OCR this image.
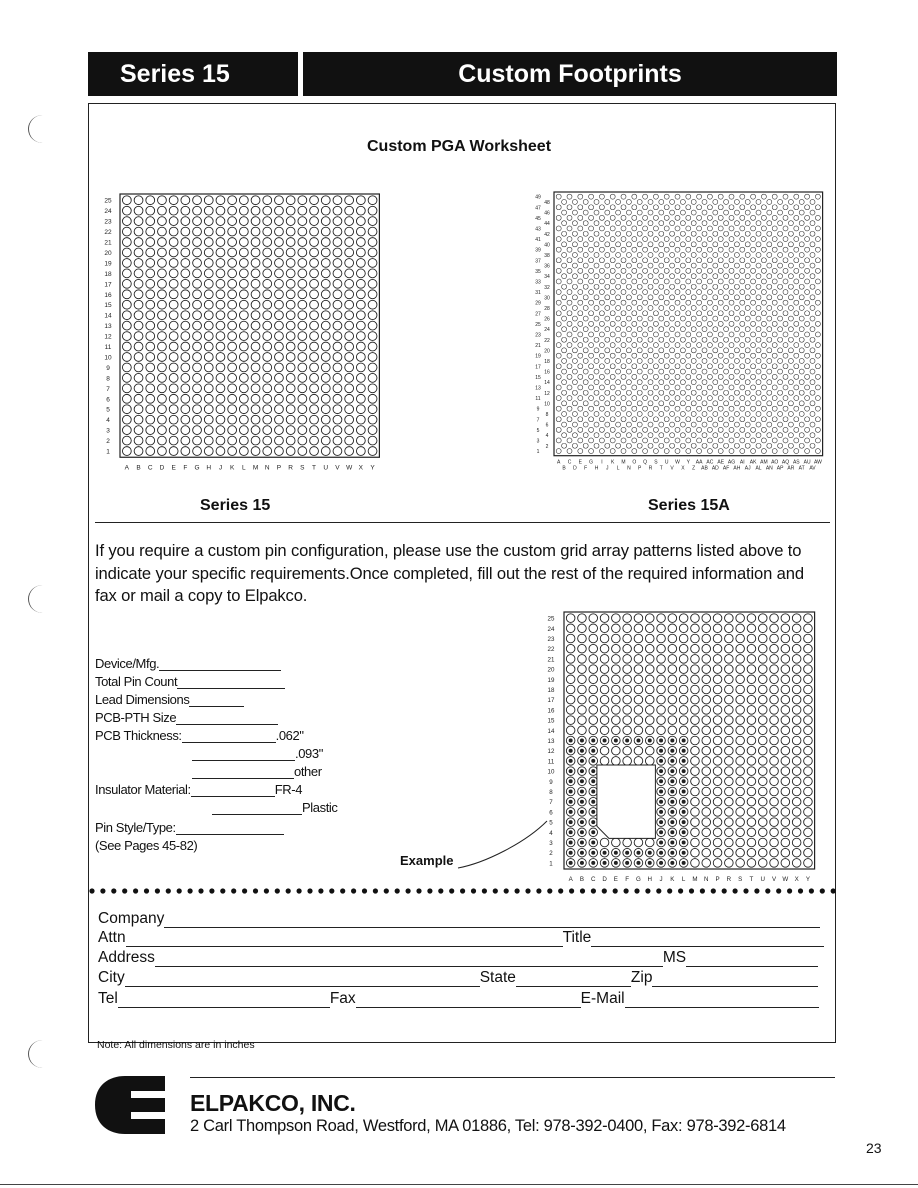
Series 15	Custom Footprints
Custom PGA Worksheet
25
24
23
22
21
20
19
18
17
16
15
14
13
12
11
10
9
8
7
6
5
4
3
2
1
A B C D E F G H J K L M N P R S T U V W X Y
49
47
45
43
41
39
37
35
33
31
29
27
25
23
21
19
17
15
13
11
9
7
5
3
1
48
46
44
42
40
38
36
34
32
30
28
26
24
22
20
18
16
14
12
10
8
6
4
2
A C E G I K M O Q S U W Y AA AC AE AG AI AK AM AO AQ AS AU AW
B D F H J L N P R T V X Z AB AD AF AH AJ AL AN AP AR AT AV
25
24
23
22
21
20
19
18
17
16
15
14
13
12
11
10
9
8
7
6
5
4
3
2
1
A B C D E F G H J K L M N P R S T U V W X Y
Series 15	Series 15A
If you require a custom pin configuration, please use the custom grid array patterns listed above to indicate your specific requirements.Once completed, fill out the rest of the required information and fax or mail a copy to Elpakco.
Device/Mfg.
Total Pin Count
Lead Dimensions
PCB-PTH Size
PCB Thickness:	.062"
.093"
other
Insulator Material:	FR-4
Plastic
Pin Style/Type:
(See Pages 45-82)
Example
Company
Attn	Title
Address	MS
City	State	Zip
Tel	Fax	E-Mail
Note: All dimensions are in inches
ELPAKCO, INC.
2 Carl Thompson Road, Westford, MA 01886, Tel: 978-392-0400, Fax: 978-392-6814
23
